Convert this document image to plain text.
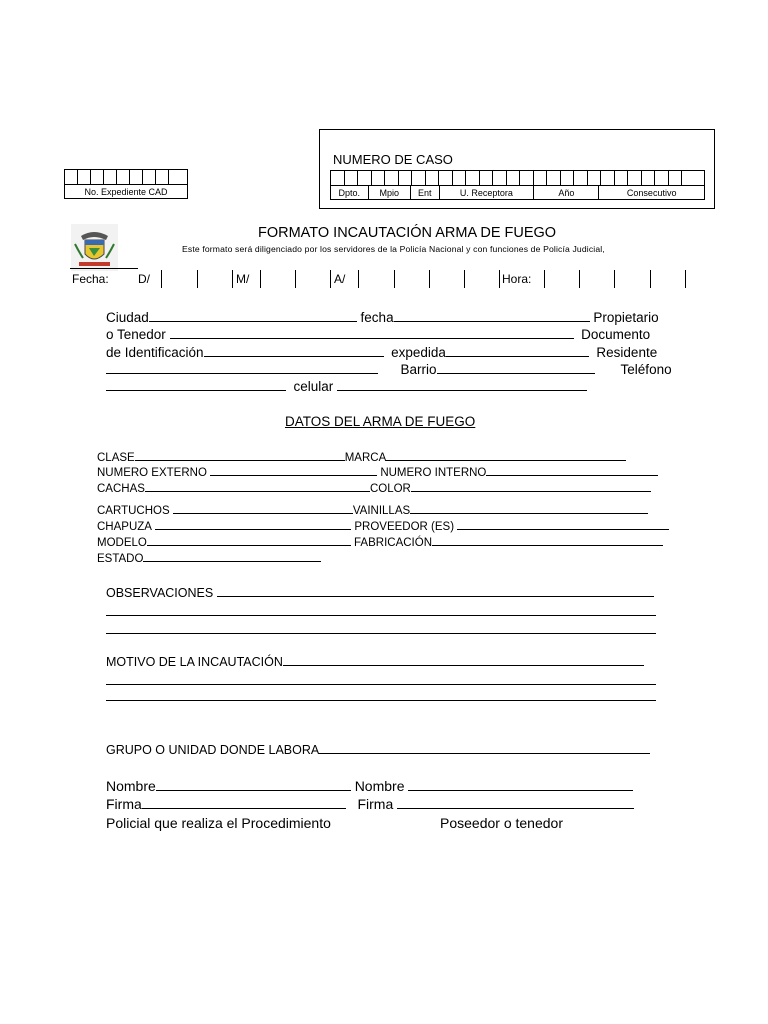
NUMERO DE CASO
Dpto.	Mpio	Ent	U. Receptora	Año	Consecutivo
No. Expediente CAD
FORMATO INCAUTACIÓN ARMA DE FUEGO
Este formato será diligenciado por los servidores de la Policía Nacional y con funciones de Policía Judicial,
Fecha: D/	M/	A/	Hora:
Ciudad	fecha	Propietario
o Tenedor	Documento
de Identificación	expedida	Residente
Barrio	Teléfono
celular
DATOS DEL ARMA DE FUEGO
CLASE	MARCA
NUMERO EXTERNO	NUMERO INTERNO
CACHAS	COLOR
CARTUCHOS	VAINILLAS
CHAPUZA	PROVEEDOR (ES)
MODELO	FABRICACIÓN
ESTADO
OBSERVACIONES
MOTIVO DE LA INCAUTACIÓN
GRUPO O UNIDAD DONDE LABORA
Nombre	Nombre
Firma	Firma
Policial que realiza el Procedimiento	Poseedor o tenedor
